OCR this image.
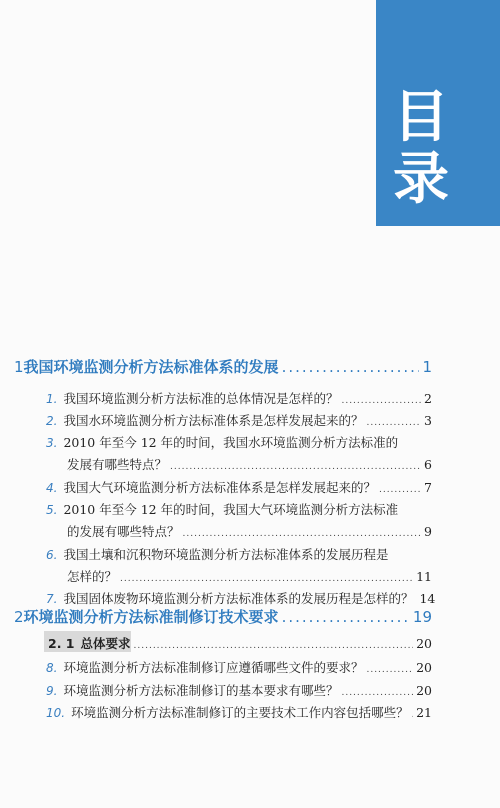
目
录
1 我国环境监测分析方法标准体系的发展 .....	1
1. 我国环境监测分析方法标准的总体情况是怎样的？ .....	2
2. 我国水环境监测分析方法标准体系是怎样发展起来的？ .....	3
3. 2010 年至今 12 年的时间，我国水环境监测分析方法标准的
发展有哪些特点？ .....	6
4. 我国大气环境监测分析方法标准体系是怎样发展起来的？ .....	7
5. 2010 年至今 12 年的时间，我国大气环境监测分析方法标准
的发展有哪些特点？ .....	9
6. 我国土壤和沉积物环境监测分析方法标准体系的发展历程是
怎样的？ .....	11
7. 我国固体废物环境监测分析方法标准体系的发展历程是怎样的？ 14
2 环境监测分析方法标准制修订技术要求 .....	19
2. 1 总体要求 .....	20
8. 环境监测分析方法标准制修订应遵循哪些文件的要求？ .....	20
9. 环境监测分析方法标准制修订的基本要求有哪些？ .....	20
10. 环境监测分析方法标准制修订的主要技术工作内容包括哪些？ ..... 21
